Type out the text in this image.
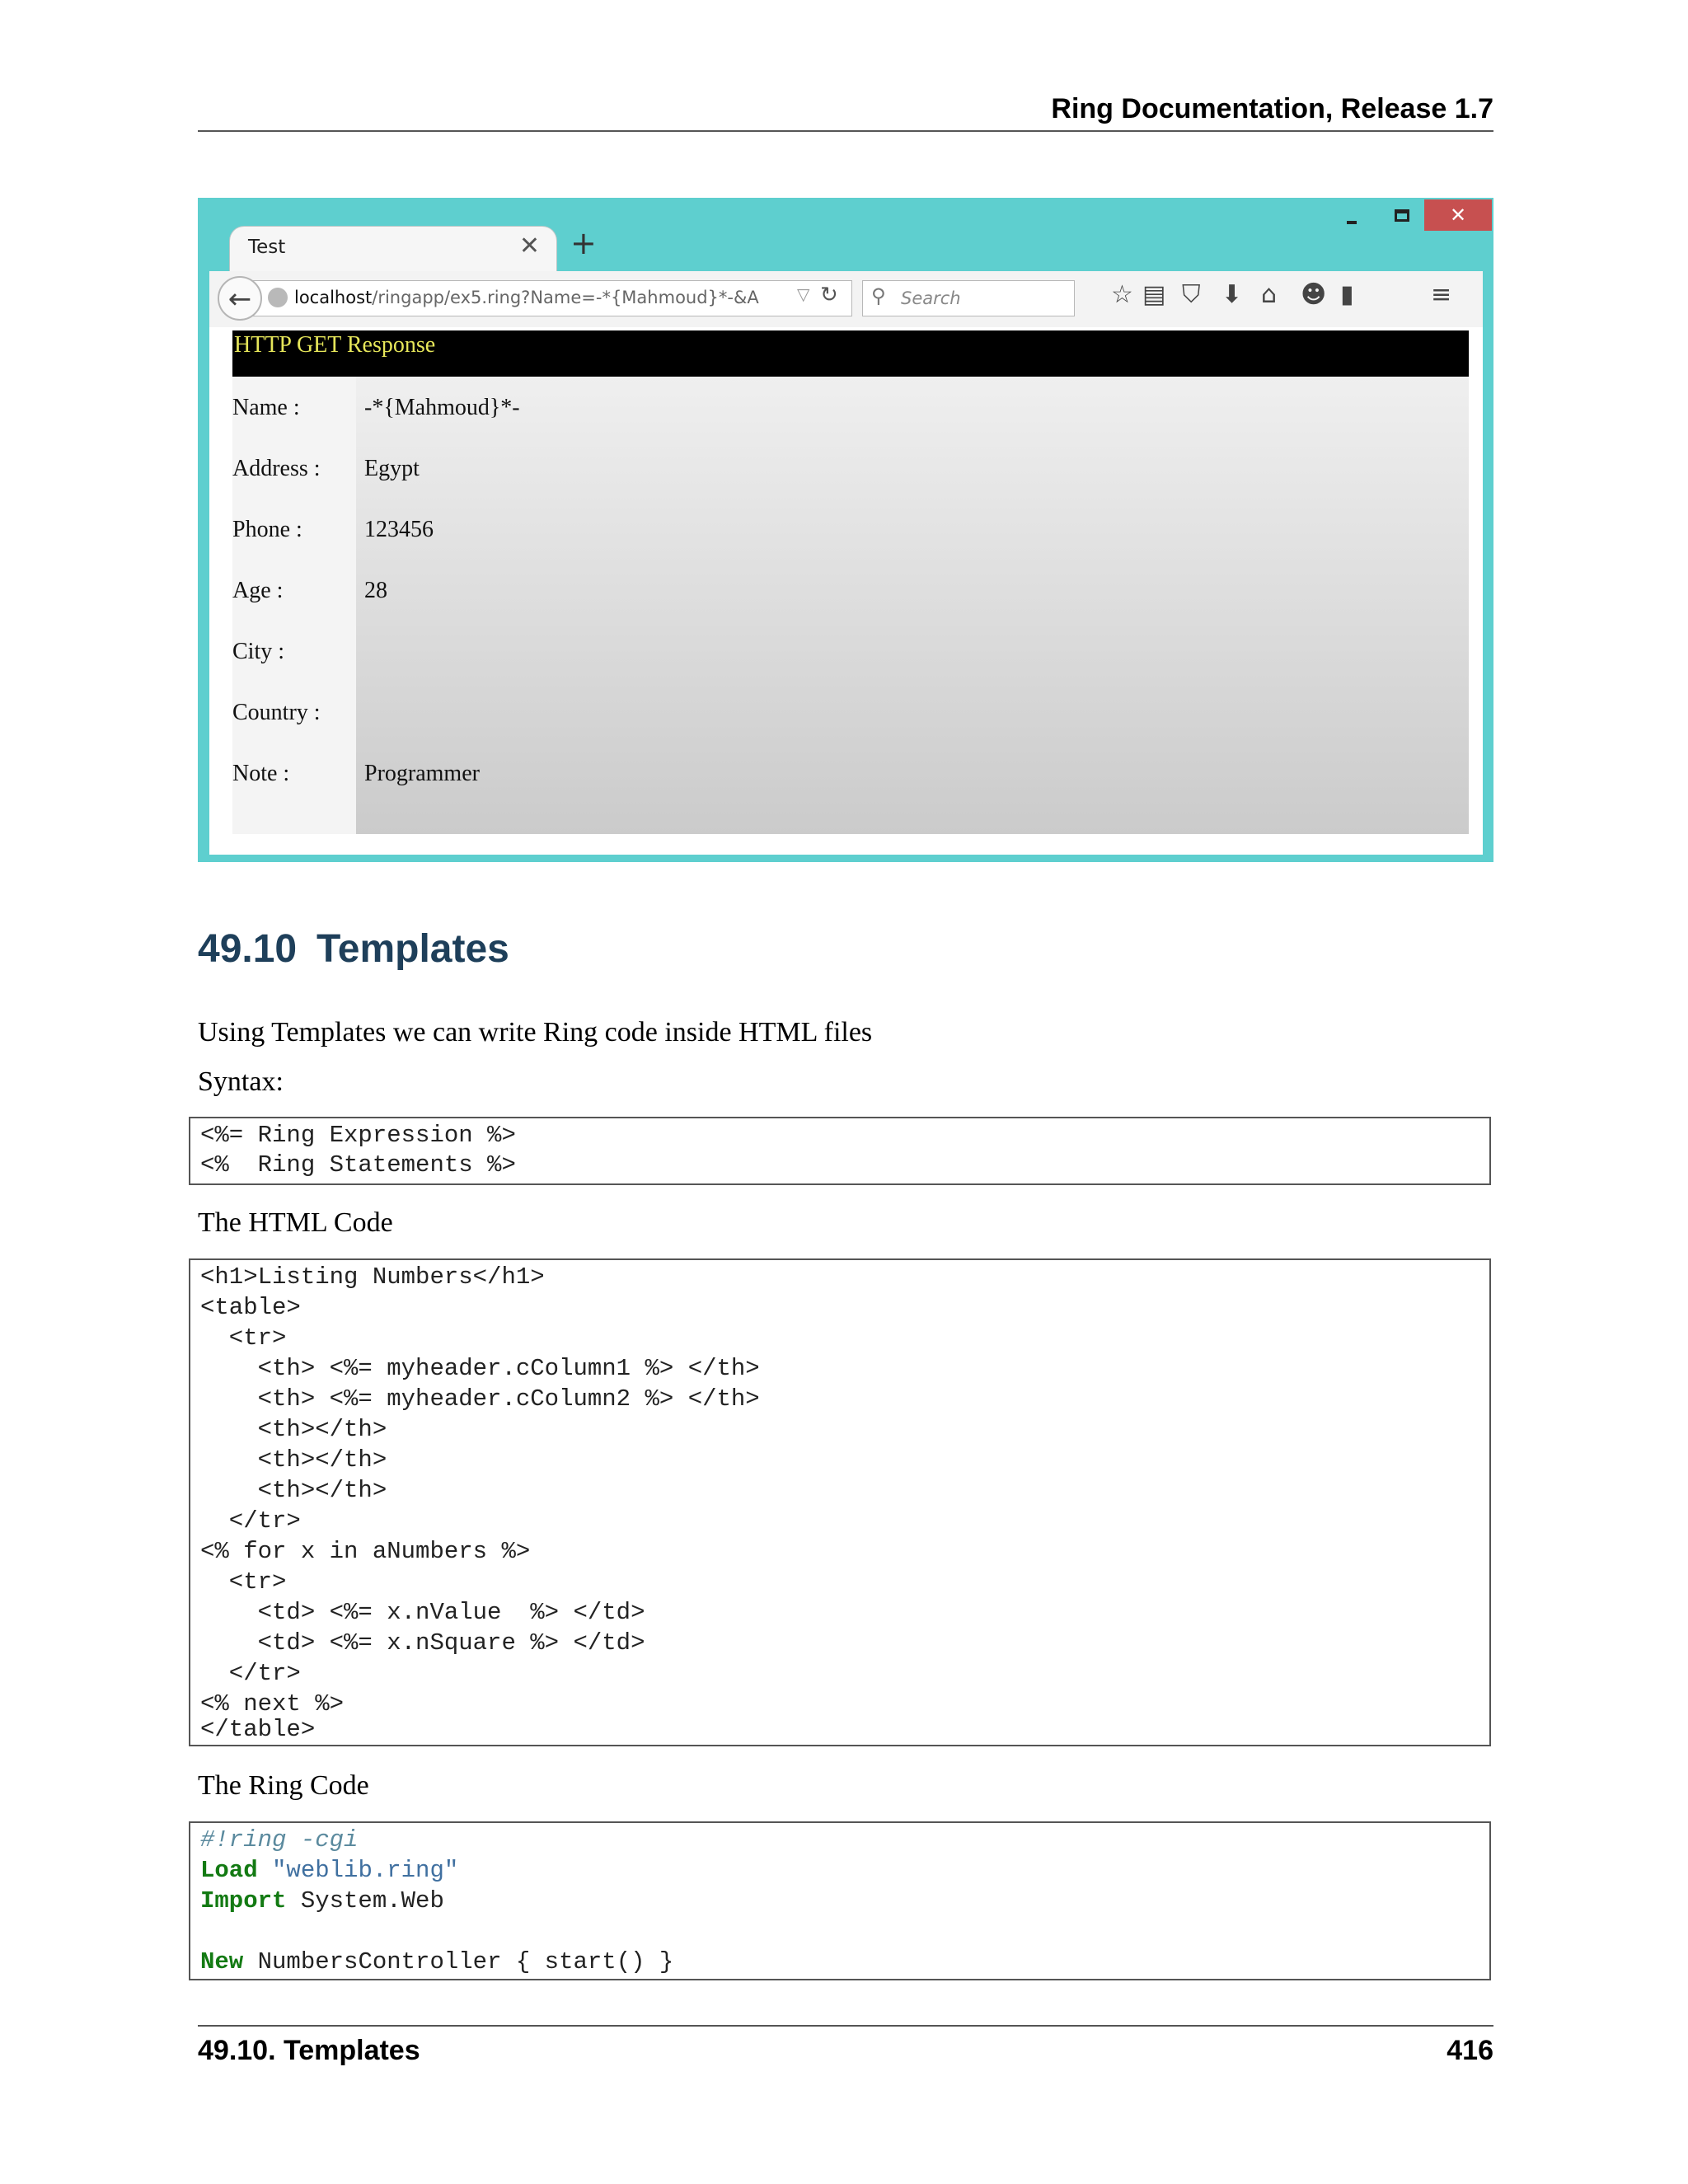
Ring Documentation, Release 1.7
Test	✕ +
✕
localhost/ringapp/ex5.ring?Name=-*{Mahmoud}*-&A ▽ ↻
←	⚲ Search	☆ ▤ ⛉ ⬇ ⌂ ☻ ▮	≡
HTTP GET Response
Name :	-*{Mahmoud}*-
Address : Egypt
Phone :	123456
Age :	28
City :
Country :
Note :	Programmer
49.10 Templates
Using Templates we can write Ring code inside HTML files
Syntax:
<%= Ring Expression %>
<%  Ring Statements %>
The HTML Code
<h1>Listing Numbers</h1>
<table>
<tr>
<th> <%= myheader.cColumn1 %> </th>
<th> <%= myheader.cColumn2 %> </th>
<th></th>
<th></th>
<th></th>
</tr>
<% for x in aNumbers %>
<tr>
<td> <%= x.nValue  %> </td>
<td> <%= x.nSquare %> </td>
</tr>
<% next %>
</table>
The Ring Code
#!ring -cgi
Load "weblib.ring"
Import System.Web
New NumbersController { start() }
49.10. Templates	416
